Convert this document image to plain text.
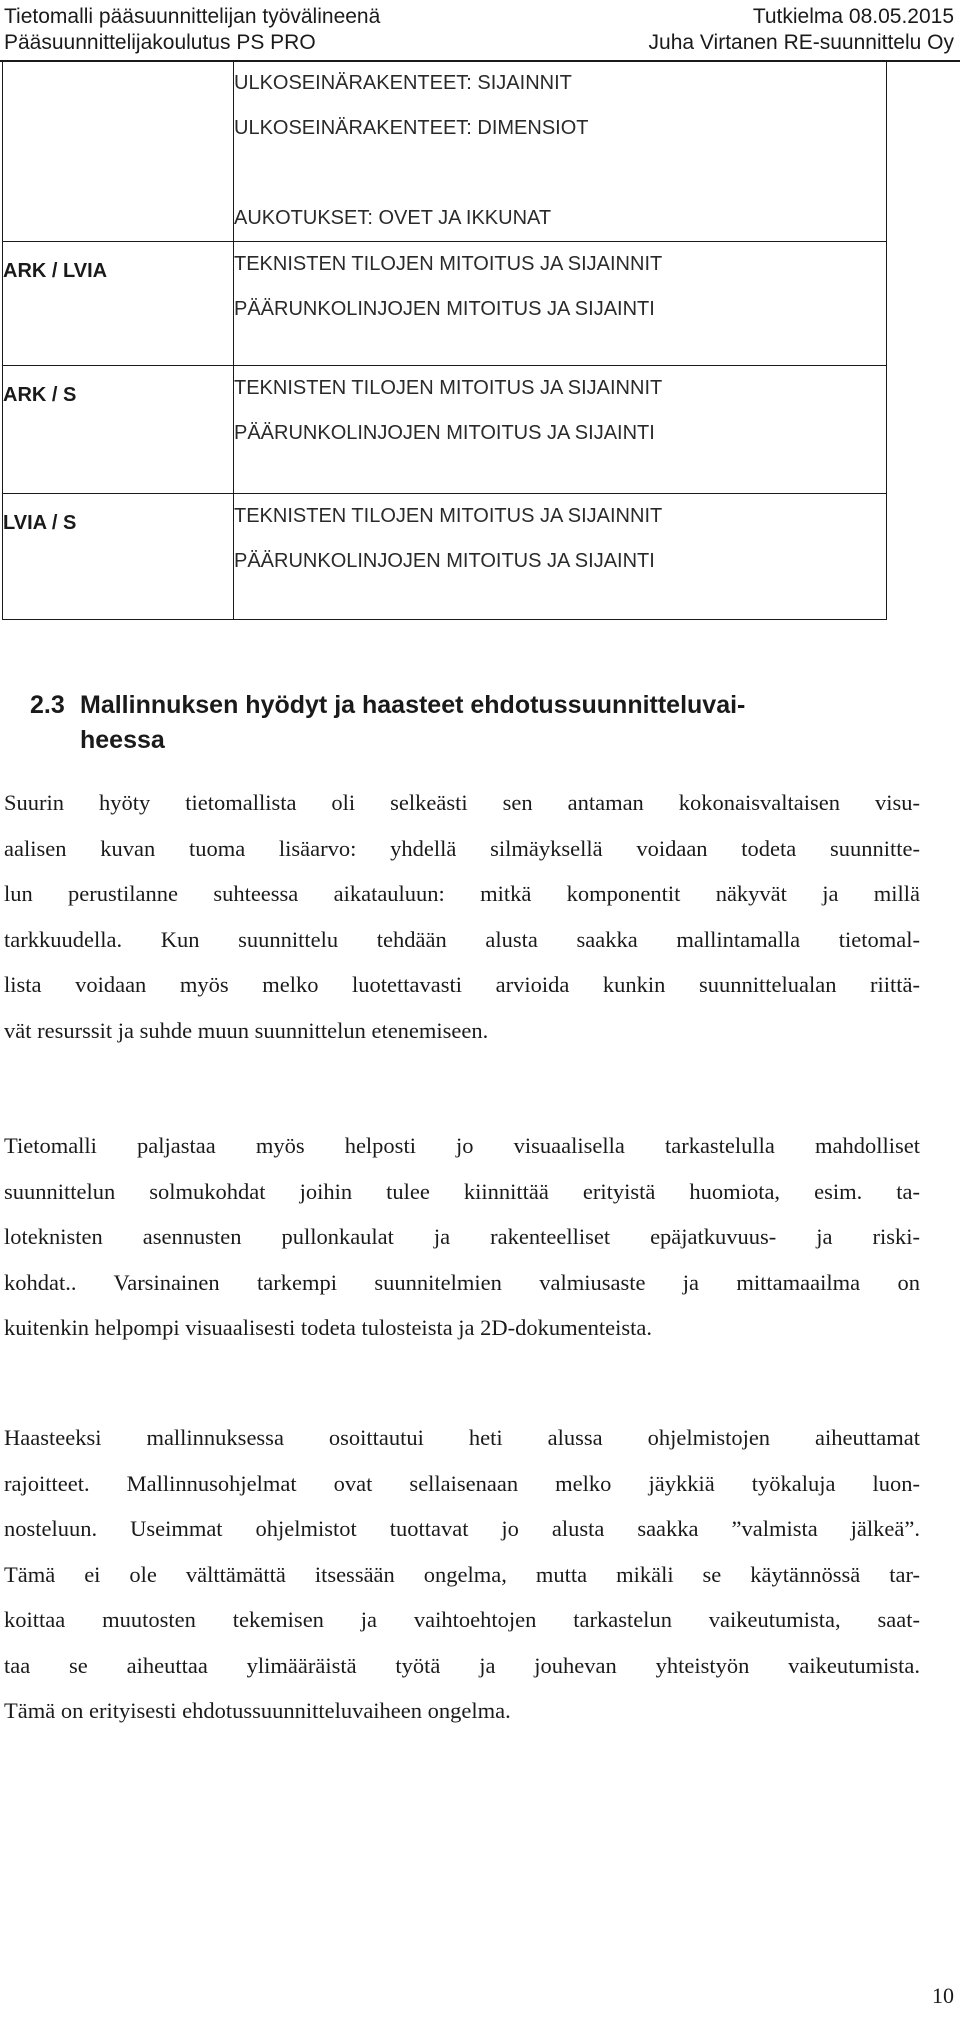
Tietomalli pääsuunnittelijan työvälineenä
Pääsuunnittelijakoulutus PS PRO
Tutkielma 08.05.2015
Juha Virtanen RE-suunnittelu Oy

	ULKOSEINÄRAKENTEET: SIJAINNIT
ULKOSEINÄRAKENTEET: DIMENSIOT
AUKOTUKSET: OVET JA IKKUNAT

ARK / LVIA	TEKNISTEN TILOJEN MITOITUS JA SIJAINNIT
PÄÄRUNKOLINJOJEN MITOITUS JA SIJAINTI

ARK / S	TEKNISTEN TILOJEN MITOITUS JA SIJAINNIT
PÄÄRUNKOLINJOJEN MITOITUS JA SIJAINTI

LVIA / S	TEKNISTEN TILOJEN MITOITUS JA SIJAINNIT
PÄÄRUNKOLINJOJEN MITOITUS JA SIJAINTI
2.3 Mallinnuksen hyödyt ja haasteet ehdotussuunnitteluvai-
heessa
Suurin hyöty tietomallista oli selkeästi sen antaman kokonaisvaltaisen visu-
aalisen kuvan tuoma lisäarvo: yhdellä silmäyksellä voidaan todeta suunnitte-
lun perustilanne suhteessa aikatauluun: mitkä komponentit näkyvät ja millä
tarkkuudella. Kun suunnittelu tehdään alusta saakka mallintamalla tietomal-
lista voidaan myös melko luotettavasti arvioida kunkin suunnittelualan riittä-
vät resurssit ja suhde muun suunnittelun etenemiseen.
Tietomalli paljastaa myös helposti jo visuaalisella tarkastelulla mahdolliset
suunnittelun solmukohdat joihin tulee kiinnittää erityistä huomiota, esim. ta-
loteknisten asennusten pullonkaulat ja rakenteelliset epäjatkuvuus- ja riski-
kohdat.. Varsinainen tarkempi suunnitelmien valmiusaste ja mittamaailma on
kuitenkin helpompi visuaalisesti todeta tulosteista ja 2D-dokumenteista.
Haasteeksi mallinnuksessa osoittautui heti alussa ohjelmistojen aiheuttamat
rajoitteet. Mallinnusohjelmat ovat sellaisenaan melko jäykkiä työkaluja luon-
nosteluun. Useimmat ohjelmistot tuottavat jo alusta saakka ”valmista jälkeä”.
Tämä ei ole välttämättä itsessään ongelma, mutta mikäli se käytännössä tar-
koittaa muutosten tekemisen ja vaihtoehtojen tarkastelun vaikeutumista, saat-
taa se aiheuttaa ylimääräistä työtä ja jouhevan yhteistyön vaikeutumista.
Tämä on erityisesti ehdotussuunnitteluvaiheen ongelma.
10
